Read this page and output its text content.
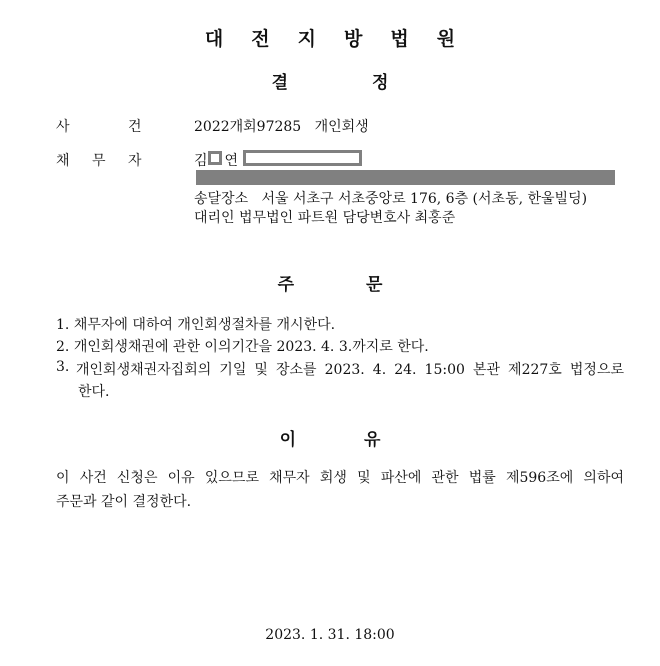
대 전 지 방 법 원
결	정
사	건	2022개회97285 개인회생
채 무 자	김 연
송달장소 서울 서초구 서초중앙로 176, 6층 (서초동, 한울빌딩)
대리인 법무법인 파트원 담당변호사 최홍준
주	문
1. 채무자에 대하여 개인회생절차를 개시한다.
2. 개인회생채권에 관한 이의기간을 2023. 4. 3.까지로 한다.
3. 개인회생채권자집회의 기일 및 장소를 2023. 4. 24. 15:00 본관 제227호 법정으로
한다.
이	유
이 사건 신청은 이유 있으므로 채무자 회생 및 파산에 관한 법률 제596조에 의하여
주문과 같이 결정한다.
2023. 1. 31. 18:00
